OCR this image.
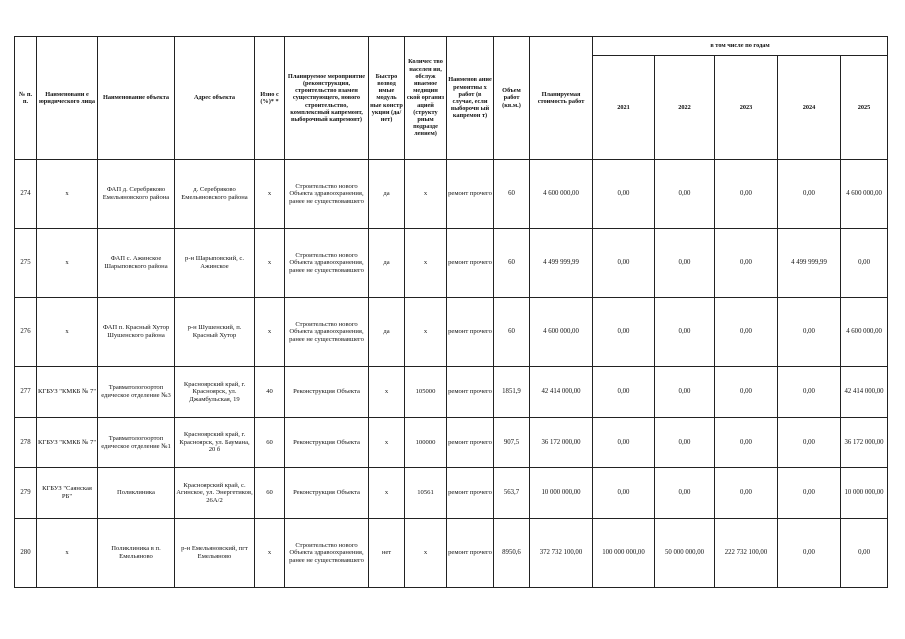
№ п. п.	Наименовани е юридического лица	Наименование объекта	Адрес объекта	Изно с (%)* *	Планируемое мероприятие (реконструкция, строительство взамен существующего, нового строительство, комплексный капремонт, выборочный капремонт)	Быстро возвод имые модуль ные констр укции (да/нет)	Количес тво населен ия, обслуж иваемое медицин ской организ ацией (структу рным подразде лением)	Наименов ание ремонтны х работ (в случае, если выборочн ый капремон т)	Объем работ (кв.м.)	Планируемая стоимость работ	в том числе по годам				
											2021	2022	2023	2024	2025
274	х	ФАП д. Серебряково Емельяновского района	д. Серебряково Емельяновского района	х	Строительство нового Объекта здравоохранения, ранее не существовавшего	да	х	ремонт прочего	60	4 600 000,00	0,00	0,00	0,00	0,00	4 600 000,00
275	х	ФАП с. Ажинское Шарыповского района	р-н Шарыповский, с. Ажинское	х	Строительство нового Объекта здравоохранения, ранее не существовавшего	да	х	ремонт прочего	60	4 499 999,99	0,00	0,00	0,00	4 499 999,99	0,00
276	х	ФАП п. Красный Хутор Шушенского района	р-н Шушенский, п. Красный Хутор	х	Строительство нового Объекта здравоохранения, ранее не существовавшего	да	х	ремонт прочего	60	4 600 000,00	0,00	0,00	0,00	0,00	4 600 000,00
277	КГБУЗ "КМКБ № 7"	Травматологоортоп едическое отделение №3	Красноярский край, г. Красноярск, ул. Джамбульская, 19	40	Реконструкция Объекта	х	105000	ремонт прочего	1851,9	42 414 000,00	0,00	0,00	0,00	0,00	42 414 000,00
278	КГБУЗ "КМКБ № 7"	Травматологоортоп едическое отделение №1	Красноярский край, г. Красноярск, ул. Баумана, 20 б	60	Реконструкция Объекта	х	100000	ремонт прочего	907,5	36 172 000,00	0,00	0,00	0,00	0,00	36 172 000,00
279	КГБУЗ "Саянская РБ"	Поликлиника	Красноярский край, с. Агинское, ул. Энергетиков, 26А/2	60	Реконструкция Объекта	х	10561	ремонт прочего	563,7	10 000 000,00	0,00	0,00	0,00	0,00	10 000 000,00
280	х	Поликлиника в п. Емельяново	р-н Емельяновский, пгт Емельяново	х	Строительство нового Объекта здравоохранения, ранее не существовавшего	нет	х	ремонт прочего	8950,6	372 732 100,00	100 000 000,00	50 000 000,00	222 732 100,00	0,00	0,00
